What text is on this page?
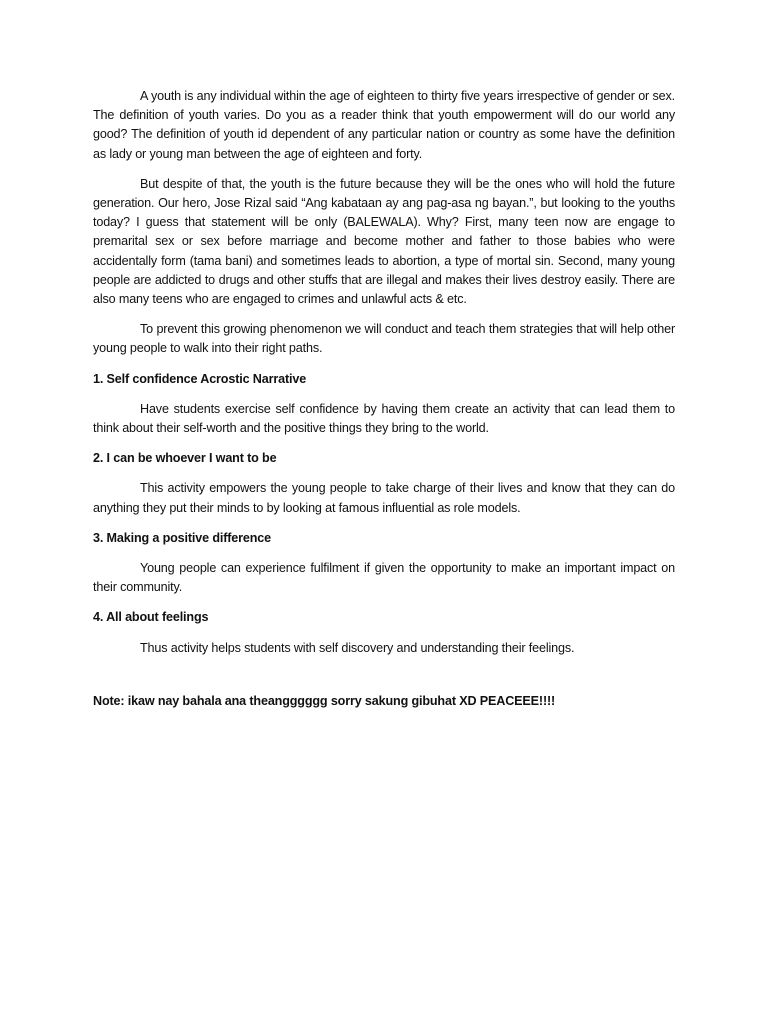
A youth is any individual within the age of eighteen to thirty five years irrespective of gender or sex. The definition of youth varies. Do you as a reader think that youth empowerment will do our world any good? The definition of youth id dependent of any particular nation or country as some have the definition as lady or young man between the age of eighteen and forty.

But despite of that, the youth is the future because they will be the ones who will hold the future generation. Our hero, Jose Rizal said “Ang kabataan ay ang pag-asa ng bayan.”, but looking to the youths today? I guess that statement will be only (BALEWALA). Why? First, many teen now are engage to premarital sex or sex before marriage and become mother and father to those babies who were accidentally form (tama bani) and sometimes leads to abortion, a type of mortal sin. Second, many young people are addicted to drugs and other stuffs that are illegal and makes their lives destroy easily. There are also many teens who are engaged to crimes and unlawful acts & etc.

To prevent this growing phenomenon we will conduct and teach them strategies that will help other young people to walk into their right paths.

1. Self confidence Acrostic Narrative

Have students exercise self confidence by having them create an activity that can lead them to think about their self-worth and the positive things they bring to the world.

2. I can be whoever I want to be

This activity empowers the young people to take charge of their lives and know that they can do anything they put their minds to by looking at famous influential as role models.

3. Making a positive difference

Young people can experience fulfilment if given the opportunity to make an important impact on their community.

4. All about feelings

Thus activity helps students with self discovery and understanding their feelings.

Note: ikaw nay bahala ana theangggggg sorry sakung gibuhat XD PEACEEE!!!!
